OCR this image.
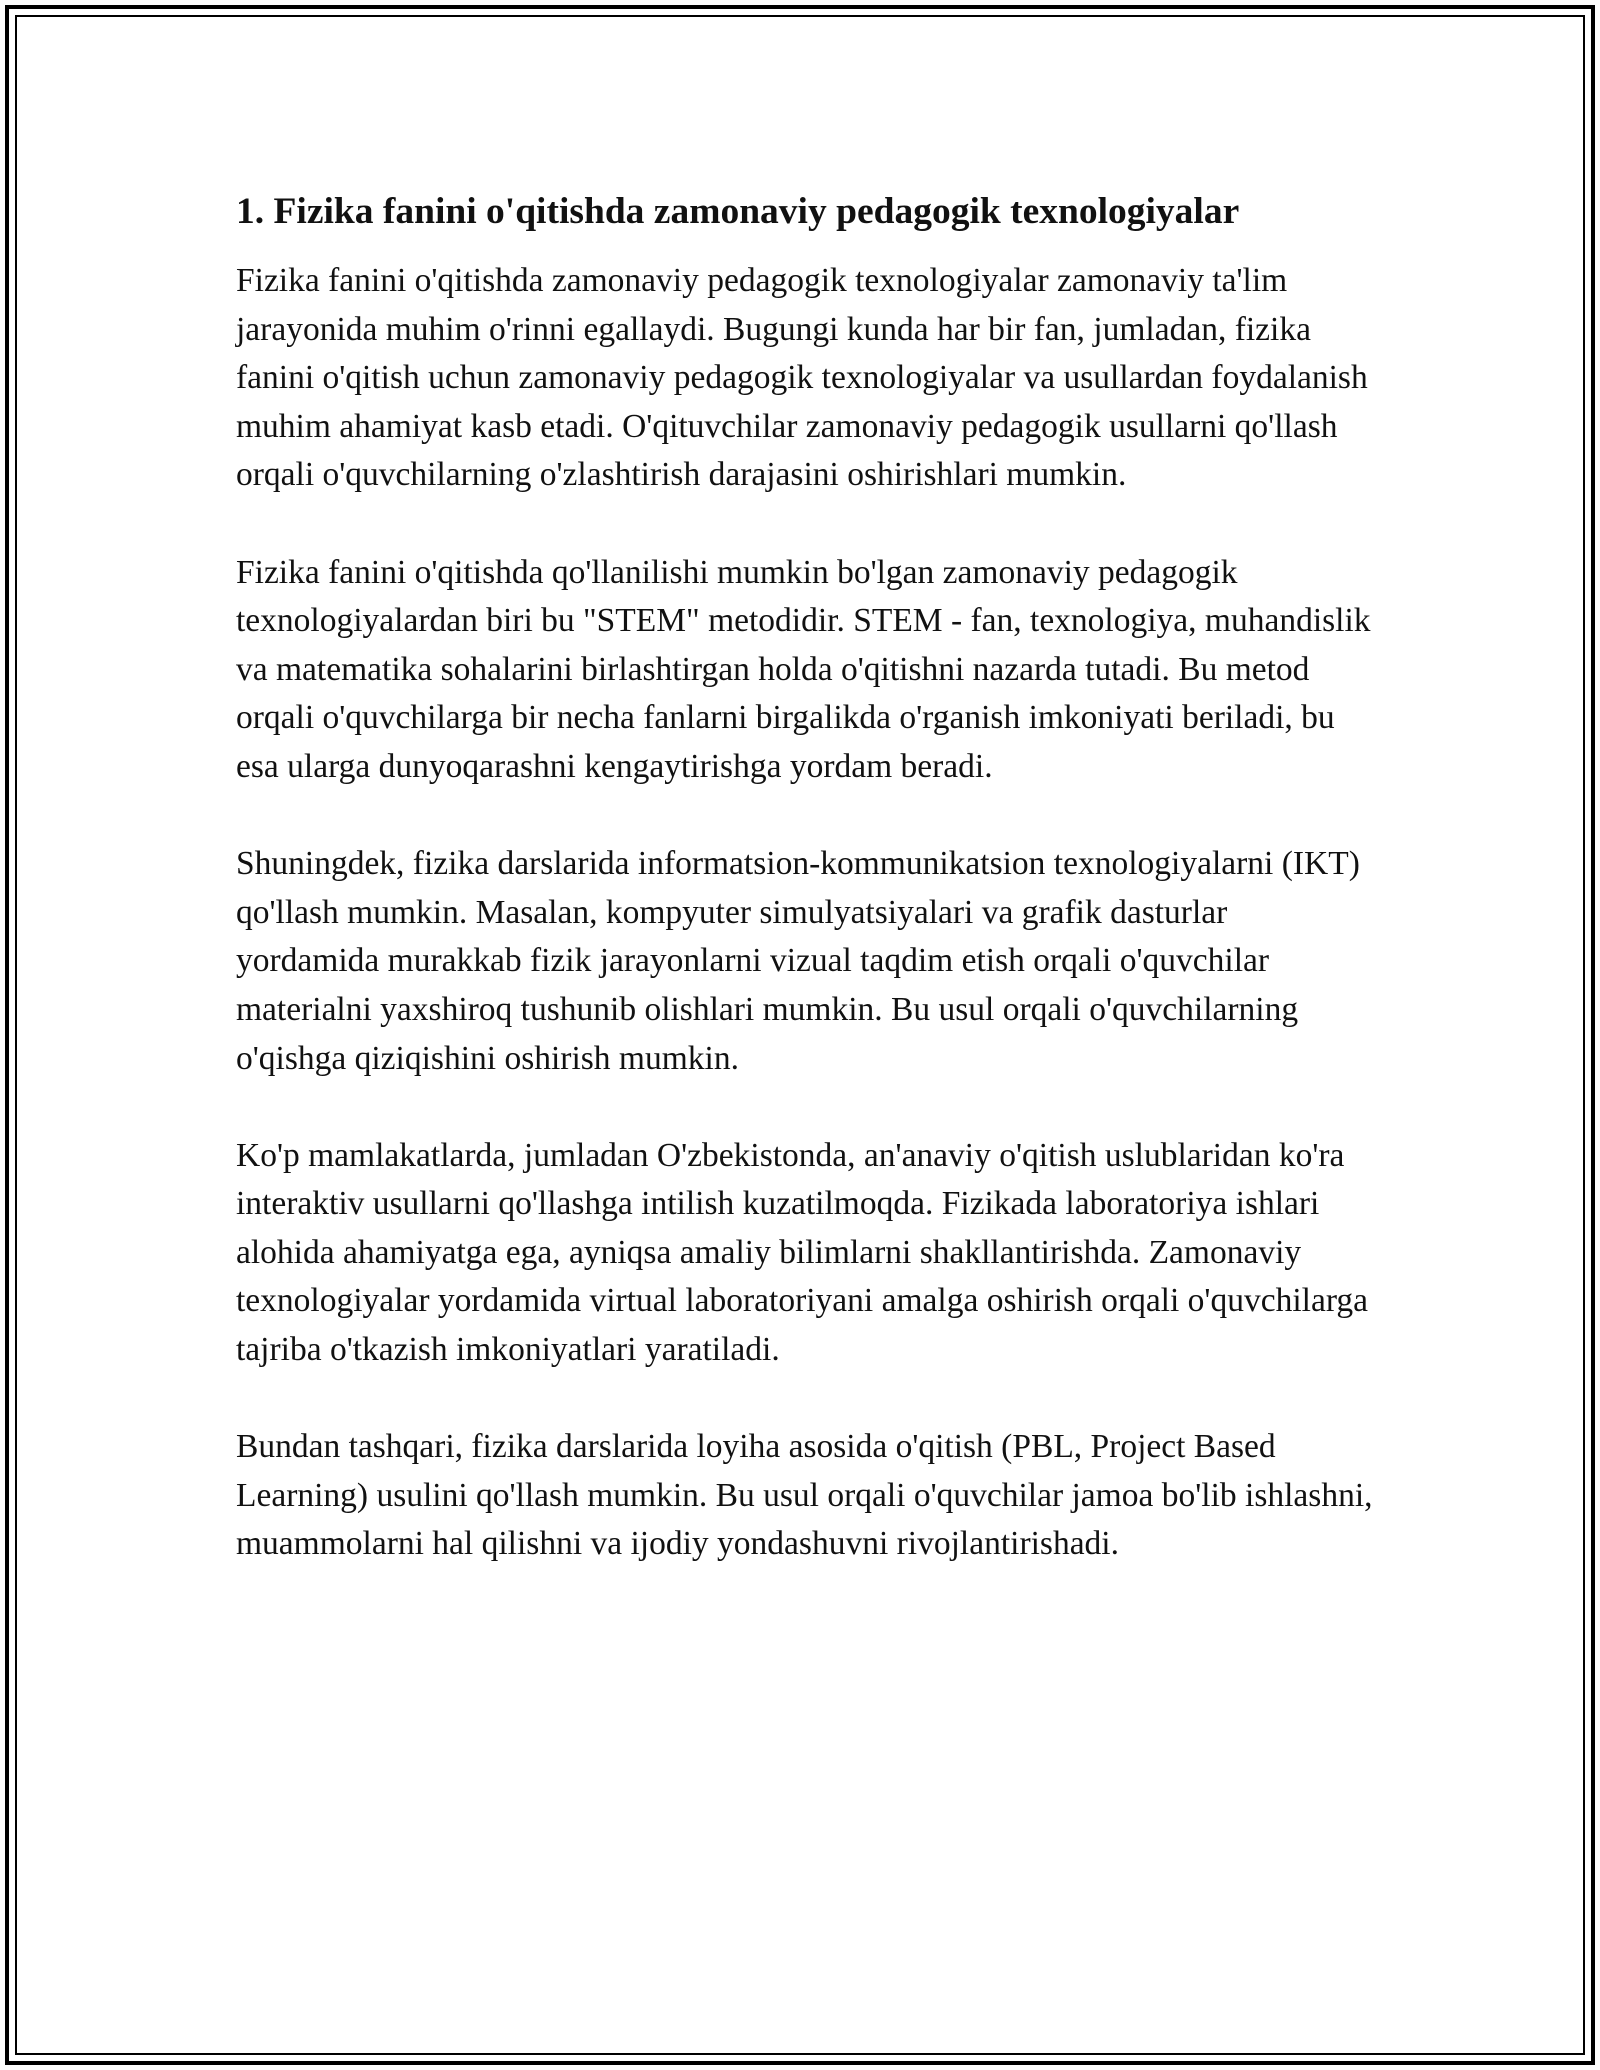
1. Fizika fanini o'qitishda zamonaviy pedagogik texnologiyalar

Fizika fanini o'qitishda zamonaviy pedagogik texnologiyalar zamonaviy ta'lim jarayonida muhim o'rinni egallaydi. Bugungi kunda har bir fan, jumladan, fizika fanini o'qitish uchun zamonaviy pedagogik texnologiyalar va usullardan foydalanish muhim ahamiyat kasb etadi. O'qituvchilar zamonaviy pedagogik usullarni qo'llash orqali o'quvchilarning o'zlashtirish darajasini oshirishlari mumkin.

Fizika fanini o'qitishda qo'llanilishi mumkin bo'lgan zamonaviy pedagogik texnologiyalardan biri bu "STEM" metodidir. STEM - fan, texnologiya, muhandislik va matematika sohalarini birlashtirgan holda o'qitishni nazarda tutadi. Bu metod orqali o'quvchilarga bir necha fanlarni birgalikda o'rganish imkoniyati beriladi, bu esa ularga dunyoqarashni kengaytirishga yordam beradi.

Shuningdek, fizika darslarida informatsion-kommunikatsion texnologiyalarni (IKT) qo'llash mumkin. Masalan, kompyuter simulyatsiyalari va grafik dasturlar yordamida murakkab fizik jarayonlarni vizual taqdim etish orqali o'quvchilar materialni yaxshiroq tushunib olishlari mumkin. Bu usul orqali o'quvchilarning o'qishga qiziqishini oshirish mumkin.

Ko'p mamlakatlarda, jumladan O'zbekistonda, an'anaviy o'qitish uslublaridan ko'ra interaktiv usullarni qo'llashga intilish kuzatilmoqda. Fizikada laboratoriya ishlari alohida ahamiyatga ega, ayniqsa amaliy bilimlarni shakllantirishda. Zamonaviy texnologiyalar yordamida virtual laboratoriyani amalga oshirish orqali o'quvchilarga tajriba o'tkazish imkoniyatlari yaratiladi.

Bundan tashqari, fizika darslarida loyiha asosida o'qitish (PBL, Project Based Learning) usulini qo'llash mumkin. Bu usul orqali o'quvchilar jamoa bo'lib ishlashni, muammolarni hal qilishni va ijodiy yondashuvni rivojlantirishadi.
